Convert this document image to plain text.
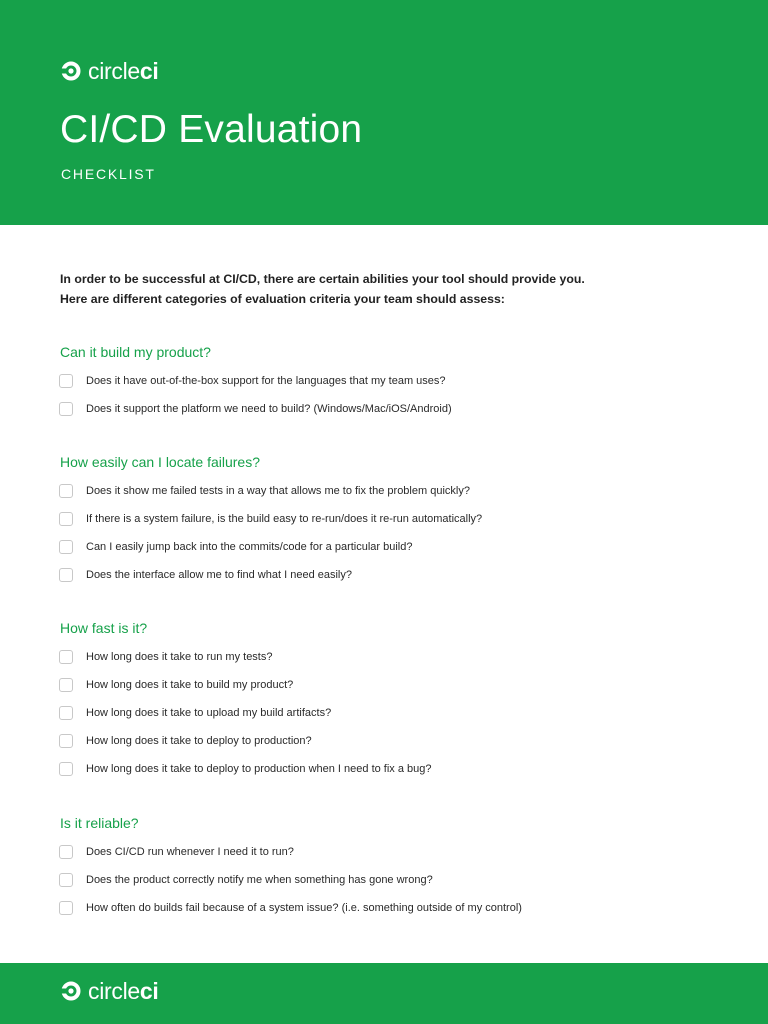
circleci
CI/CD Evaluation
CHECKLIST

In order to be successful at CI/CD, there are certain abilities your tool should provide you.

Here are different categories of evaluation criteria your team should assess:

Can it build my product?
Does it have out-of-the-box support for the languages that my team uses?
Does it support the platform we need to build? (Windows/Mac/iOS/Android)
How easily can I locate failures?
Does it show me failed tests in a way that allows me to fix the problem quickly?
If there is a system failure, is the build easy to re-run/does it re-run automatically?
Can I easily jump back into the commits/code for a particular build?
Does the interface allow me to find what I need easily?
How fast is it?
How long does it take to run my tests?
How long does it take to build my product?
How long does it take to upload my build artifacts?
How long does it take to deploy to production?
How long does it take to deploy to production when I need to fix a bug?
Is it reliable?
Does CI/CD run whenever I need it to run?
Does the product correctly notify me when something has gone wrong?
How often do builds fail because of a system issue? (i.e. something outside of my control)
circleci
